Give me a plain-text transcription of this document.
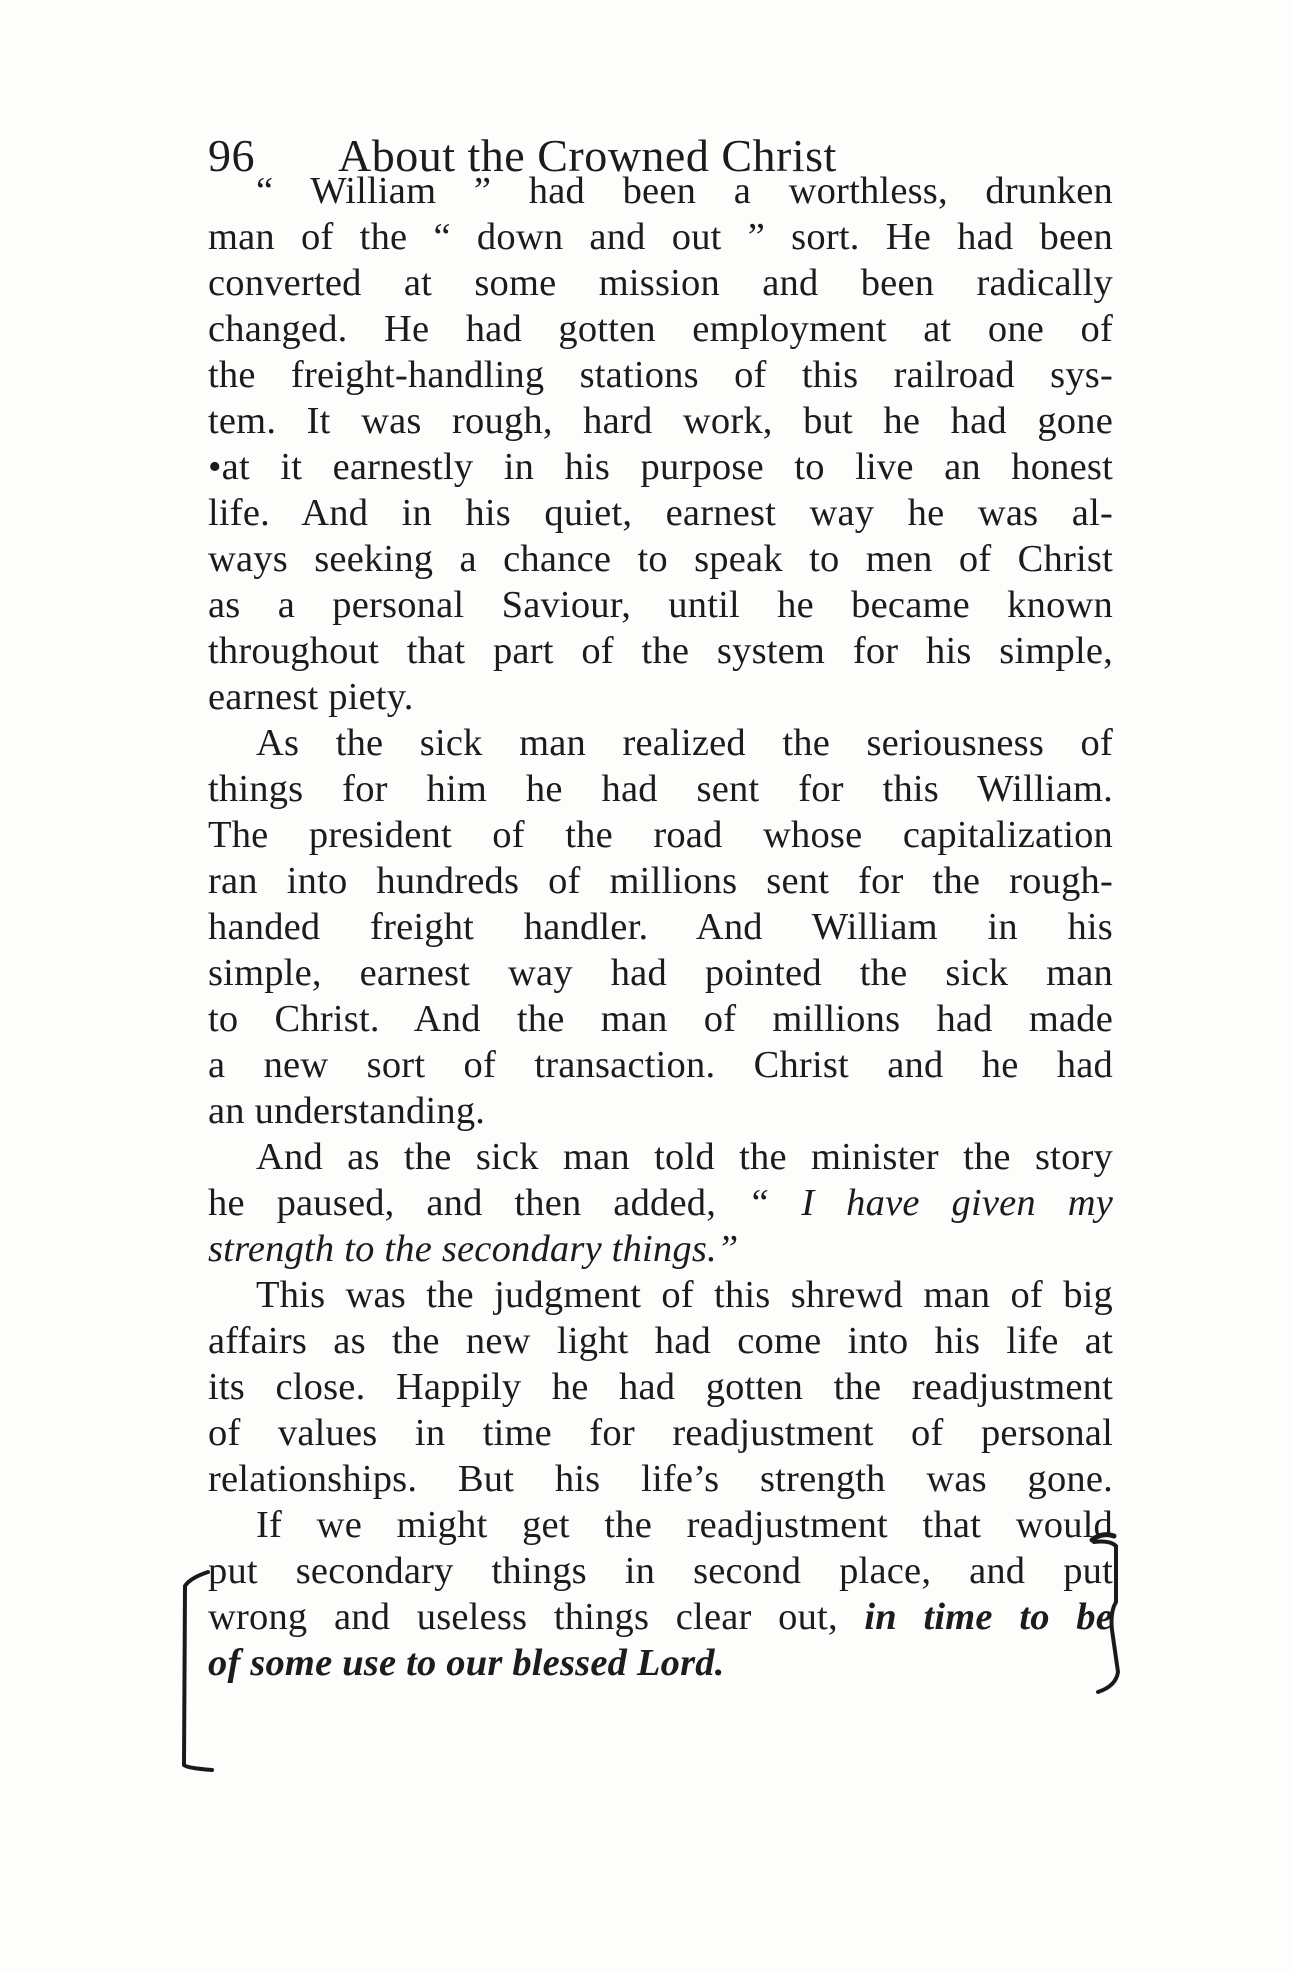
96 About the Crowned Christ
“ William ” had been a worthless, drunken
man of the “ down and out ” sort. He had been
converted at some mission and been radically
changed. He had gotten employment at one of
the freight-handling stations of this railroad sys-
tem. It was rough, hard work, but he had gone
•at it earnestly in his purpose to live an honest
life. And in his quiet, earnest way he was al-
ways seeking a chance to speak to men of Christ
as a personal Saviour, until he became known
throughout that part of the system for his simple,
earnest piety.
As the sick man realized the seriousness of
things for him he had sent for this William.
The president of the road whose capitalization
ran into hundreds of millions sent for the rough-
handed freight handler. And William in his
simple, earnest way had pointed the sick man
to Christ. And the man of millions had made
a new sort of transaction. Christ and he had
an understanding.
And as the sick man told the minister the story
he paused, and then added, “ I have given my
strength to the secondary things.”
This was the judgment of this shrewd man of big
affairs as the new light had come into his life at
its close. Happily he had gotten the readjustment
of values in time for readjustment of personal
relationships. But his life’s strength was gone.
If we might get the readjustment that would
put secondary things in second place, and put
wrong and useless things clear out, in time to be
of some use to our blessed Lord.
